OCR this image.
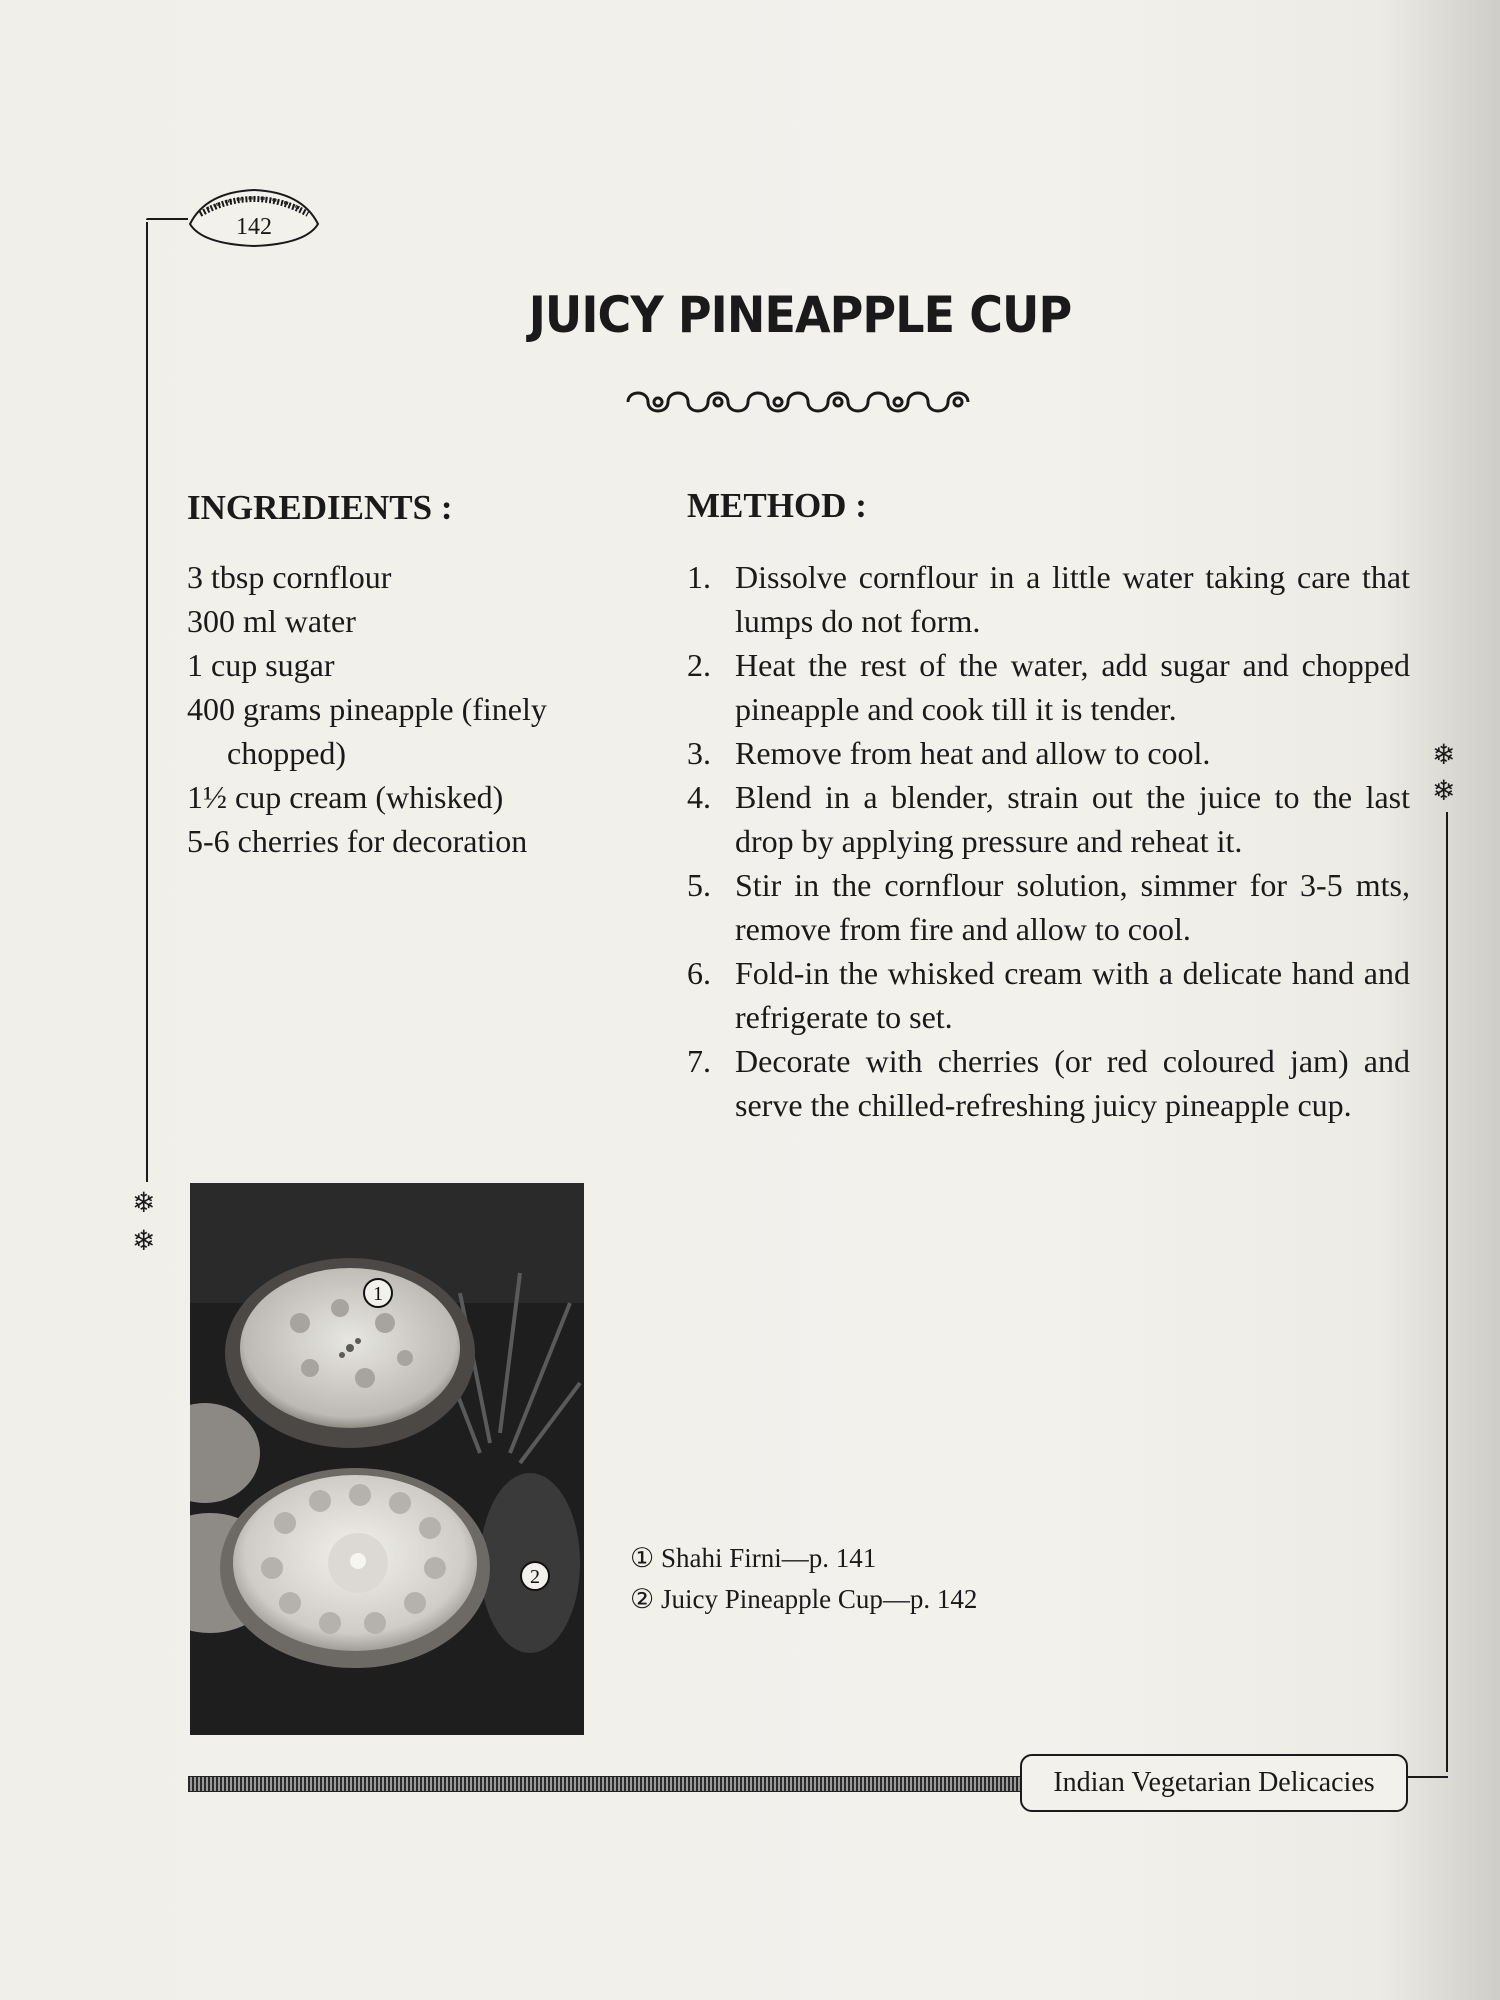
142
JUICY PINEAPPLE CUP
INGREDIENTS :
3 tbsp cornflour
300 ml water
1 cup sugar
400 grams pineapple (finely chopped)
1½ cup cream (whisked)
5-6 cherries for decoration
METHOD :
1. Dissolve cornflour in a little water taking care that lumps do not form.
2. Heat the rest of the water, add sugar and chopped pineapple and cook till it is tender.
3. Remove from heat and allow to cool.
4. Blend in a blender, strain out the juice to the last drop by applying pressure and reheat it.
5. Stir in the cornflour solution, simmer for 3-5 mts, remove from fire and allow to cool.
6. Fold-in the whisked cream with a delicate hand and refrigerate to set.
7. Decorate with cherries (or red coloured jam) and serve the chilled-refreshing juicy pineapple cup.
❄
❄
❄
❄
1
2
① Shahi Firni—p. 141
② Juicy Pineapple Cup—p. 142
Indian Vegetarian Delicacies
